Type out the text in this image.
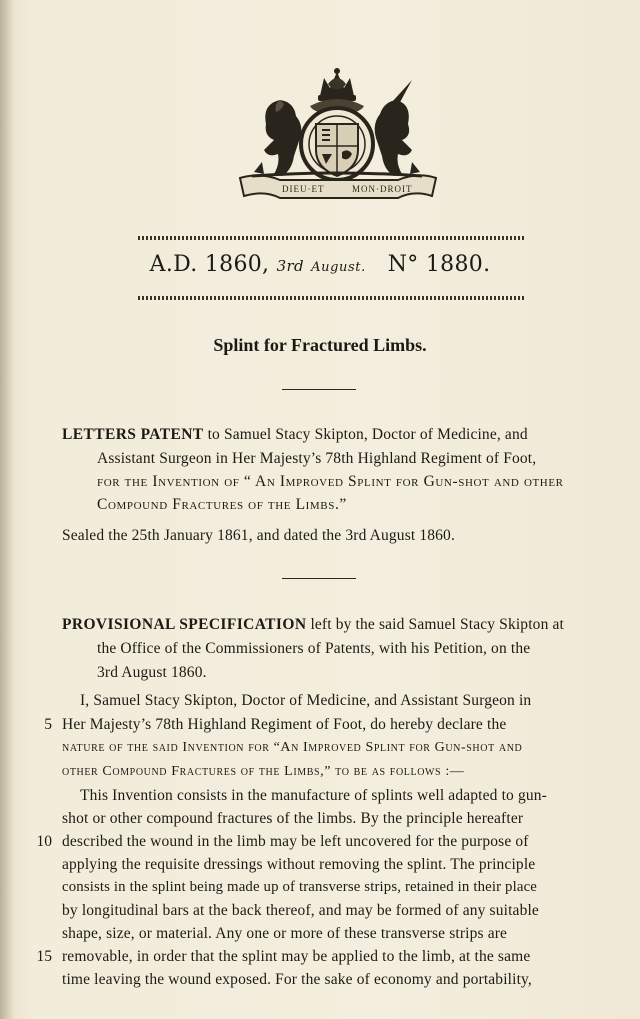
DIEU·ET	MON·DROIT
A.D. 1860, 3rd August. N° 1880.
Splint for Fractured Limbs.
LETTERS PATENT to Samuel Stacy Skipton, Doctor of Medicine, and
Assistant Surgeon in Her Majesty’s 78th Highland Regiment of Foot,
for the Invention of “ An Improved Splint for Gun-shot and other
Compound Fractures of the Limbs.”
Sealed the 25th January 1861, and dated the 3rd August 1860.
PROVISIONAL SPECIFICATION left by the said Samuel Stacy Skipton at
the Office of the Commissioners of Patents, with his Petition, on the
3rd August 1860.
I, Samuel Stacy Skipton, Doctor of Medicine, and Assistant Surgeon in
Her Majesty’s 78th Highland Regiment of Foot, do hereby declare the
nature of the said Invention for “An Improved Splint for Gun-shot and
other Compound Fractures of the Limbs,” to be as follows :—
This Invention consists in the manufacture of splints well adapted to gun-
shot or other compound fractures of the limbs. By the principle hereafter
described the wound in the limb may be left uncovered for the purpose of
applying the requisite dressings without removing the splint. The principle
consists in the splint being made up of transverse strips, retained in their place
by longitudinal bars at the back thereof, and may be formed of any suitable
shape, size, or material. Any one or more of these transverse strips are
removable, in order that the splint may be applied to the limb, at the same
time leaving the wound exposed. For the sake of economy and portability,
5
10
15
